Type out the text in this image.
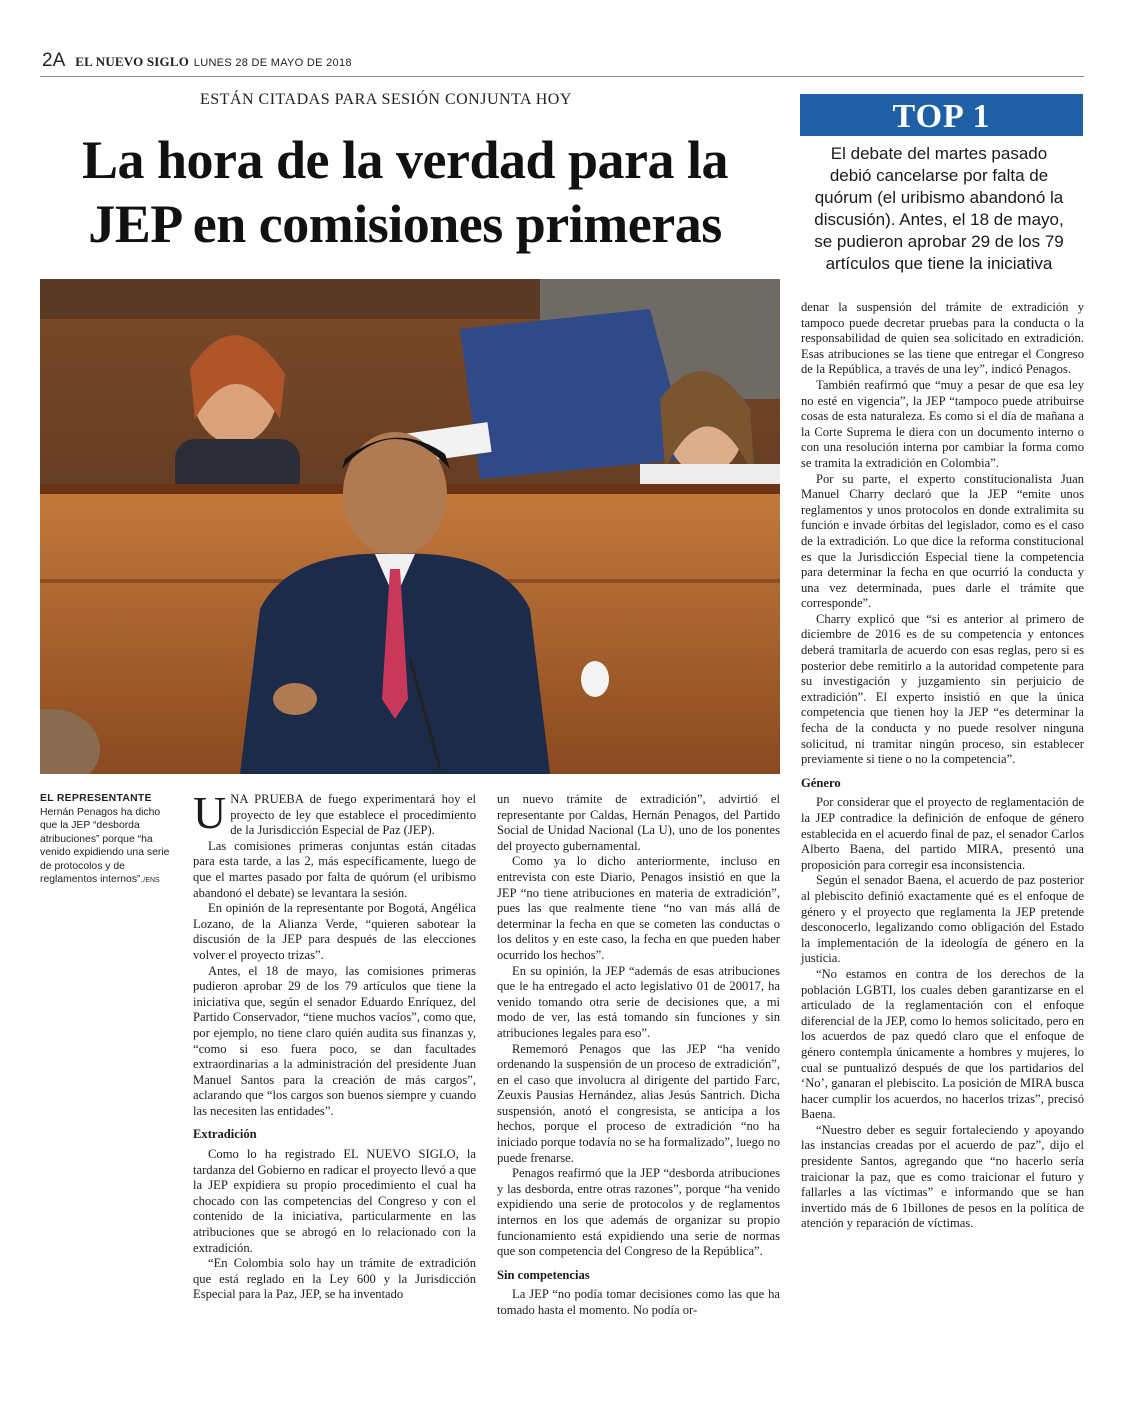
2A EL NUEVO SIGLO LUNES 28 DE MAYO DE 2018
ESTÁN CITADAS PARA SESIÓN CONJUNTA HOY
La hora de la verdad para la JEP en comisiones primeras
TOP 1
El debate del martes pasado debió cancelarse por falta de quórum (el uribismo abandonó la discusión). Antes, el 18 de mayo, se pudieron aprobar 29 de los 79 artículos que tiene la iniciativa
EL REPRESENTANTE
Hernán Penagos ha dicho que la JEP “desborda atribuciones” porque “ha venido expidiendo una serie de protocolos y de reglamentos internos”./ENS

UNA PRUEBA de fuego experimentará hoy el proyecto de ley que establece el procedimiento de la Jurisdicción Especial de Paz (JEP).

Las comisiones primeras conjuntas están citadas para esta tarde, a las 2, más específicamente, luego de que el martes pasado por falta de quórum (el uribismo abandonó el debate) se levantara la sesión.

En opinión de la representante por Bogotá, Angélica Lozano, de la Alianza Verde, “quieren sabotear la discusión de la JEP para después de las elecciones volver el proyecto trizas”.

Antes, el 18 de mayo, las comisiones primeras pudieron aprobar 29 de los 79 artículos que tiene la iniciativa que, según el senador Eduardo Enríquez, del Partido Conservador, “tiene muchos vacíos”, como que, por ejemplo, no tiene claro quién audita sus finanzas y, “como si eso fuera poco, se dan facultades extraordinarias a la administración del presidente Juan Manuel Santos para la creación de más cargos”, aclarando que “los cargos son buenos siempre y cuando las necesiten las entidades”.

Extradición

Como lo ha registrado EL NUEVO SIGLO, la tardanza del Gobierno en radicar el proyecto llevó a que la JEP expidiera su propio procedimiento el cual ha chocado con las competencias del Congreso y con el contenido de la iniciativa, particularmente en las atribuciones que se abrogó en lo relacionado con la extradición.

“En Colombia solo hay un trámite de extradición que está reglado en la Ley 600 y la Jurisdicción Especial para la Paz, JEP, se ha inventado

un nuevo trámite de extradición”, advirtió el representante por Caldas, Hernán Penagos, del Partido Social de Unidad Nacional (La U), uno de los ponentes del proyecto gubernamental.

Como ya lo dicho anteriormente, incluso en entrevista con este Diario, Penagos insistió en que la JEP “no tiene atribuciones en materia de extradición”, pues las que realmente tiene “no van más allá de determinar la fecha en que se cometen las conductas o los delitos y en este caso, la fecha en que pueden haber ocurrido los hechos”.

En su opinión, la JEP “además de esas atribuciones que le ha entregado el acto legislativo 01 de 20017, ha venido tomando otra serie de decisiones que, a mi modo de ver, las está tomando sin funciones y sin atribuciones legales para eso”.

Rememoró Penagos que las JEP “ha venido ordenando la suspensión de un proceso de extradición”, en el caso que involucra al dirigente del partido Farc, Zeuxis Pausias Hernández, alias Jesús Santrich. Dicha suspensión, anotó el congresista, se anticipa a los hechos, porque el proceso de extradición “no ha iniciado porque todavía no se ha formalizado”, luego no puede frenarse.

Penagos reafirmó que la JEP “desborda atribuciones y las desborda, entre otras razones”, porque “ha venido expidiendo una serie de protocolos y de reglamentos internos en los que además de organizar su propio funcionamiento está expidiendo una serie de normas que son competencia del Congreso de la República”.

Sin competencias

La JEP “no podía tomar decisiones como las que ha tomado hasta el momento. No podía or-

denar la suspensión del trámite de extradición y tampoco puede decretar pruebas para la conducta o la responsabilidad de quien sea solicitado en extradición. Esas atribuciones se las tiene que entregar el Congreso de la República, a través de una ley”, indicó Penagos.

También reafirmó que “muy a pesar de que esa ley no esté en vigencia”, la JEP “tampoco puede atribuirse cosas de esta naturaleza. Es como si el día de mañana a la Corte Suprema le diera con un documento interno o con una resolución interna por cambiar la forma como se tramita la extradición en Colombia”.

Por su parte, el experto constitucionalista Juan Manuel Charry declaró que la JEP “emite unos reglamentos y unos protocolos en donde extralimita su función e invade órbitas del legislador, como es el caso de la extradición. Lo que dice la reforma constitucional es que la Jurisdicción Especial tiene la competencia para determinar la fecha en que ocurrió la conducta y una vez determinada, pues darle el trámite que corresponde”.

Charry explicó que “si es anterior al primero de diciembre de 2016 es de su competencia y entonces deberá tramitarla de acuerdo con esas reglas, pero si es posterior debe remitirlo a la autoridad competente para su investigación y juzgamiento sin perjuicio de extradición”. El experto insistió en que la única competencia que tienen hoy la JEP “es determinar la fecha de la conducta y no puede resolver ninguna solicitud, ni tramitar ningún proceso, sin establecer previamente si tiene o no la competencia”.

Género

Por considerar que el proyecto de reglamentación de la JEP contradice la definición de enfoque de género establecida en el acuerdo final de paz, el senador Carlos Alberto Baena, del partido MIRA, presentó una proposición para corregir esa inconsistencia.

Según el senador Baena, el acuerdo de paz posterior al plebiscito definió exactamente qué es el enfoque de género y el proyecto que reglamenta la JEP pretende desconocerlo, legalizando como obligación del Estado la implementación de la ideología de género en la justicia.

“No estamos en contra de los derechos de la población LGBTI, los cuales deben garantizarse en el articulado de la reglamentación con el enfoque diferencial de la JEP, como lo hemos solicitado, pero en los acuerdos de paz quedó claro que el enfoque de género contempla únicamente a hombres y mujeres, lo cual se puntualizó después de que los partidarios del ‘No’, ganaran el plebiscito. La posición de MIRA busca hacer cumplir los acuerdos, no hacerlos trizas”, precisó Baena.

“Nuestro deber es seguir fortaleciendo y apoyando las instancias creadas por el acuerdo de paz”, dijo el presidente Santos, agregando que “no hacerlo sería traicionar la paz, que es como traicionar el futuro y fallarles a las víctimas” e informando que se han invertido más de 6 1billones de pesos en la política de atención y reparación de víctimas.
